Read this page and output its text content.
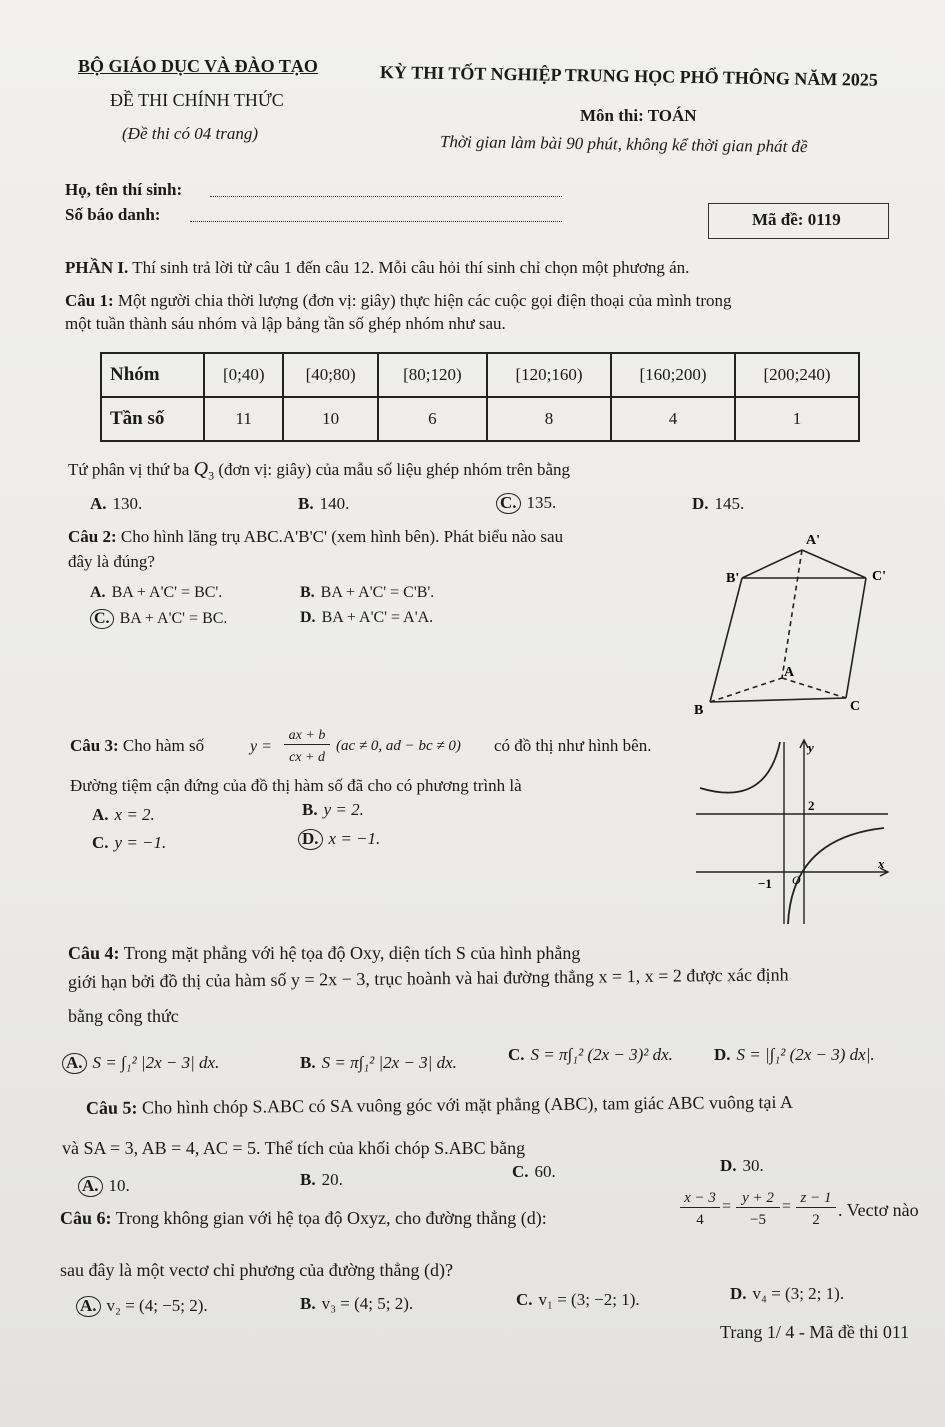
BỘ GIÁO DỤC VÀ ĐÀO TẠO
ĐỀ THI CHÍNH THỨC
(Đề thi có 04 trang)
KỲ THI TỐT NGHIỆP TRUNG HỌC PHỔ THÔNG NĂM 2025
Môn thi: TOÁN
Thời gian làm bài 90 phút, không kể thời gian phát đề
Họ, tên thí sinh:
Số báo danh:	Mã đề: 0119
PHẦN I. Thí sinh trả lời từ câu 1 đến câu 12. Mỗi câu hỏi thí sinh chỉ chọn một phương án.
Câu 1: Một người chia thời lượng (đơn vị: giây) thực hiện các cuộc gọi điện thoại của mình trong
một tuần thành sáu nhóm và lập bảng tần số ghép nhóm như sau.
Nhóm	[0;40)	[40;80)	[80;120)	[120;160)	[160;200)	[200;240)
Tần số	11	10	6	8	4	1
Tứ phân vị thứ ba $Q_3$ (đơn vị: giây) của mẫu số liệu ghép nhóm trên bằng
A. 130.	B. 140.	C. 135.	D. 145.
Câu 2: Cho hình lăng trụ ABC.A'B'C' (xem hình bên). Phát biểu nào sau
đây là đúng?
A. BA + A'C' = BC'.	B. BA + A'C' = C'B'.
C. BA + A'C' = BC.	D. BA + A'C' = A'A.
A'
B'	C'
A
B	C
Câu 3: Cho hàm số	y =
ax + b
cx + d
(ac ≠ 0, ad − bc ≠ 0) có đồ thị như hình bên.
Đường tiệm cận đứng của đồ thị hàm số đã cho có phương trình là
A. x = 2.	B. y = 2.
C. y = −1.	D. x = −1.
y
x
2
−1 O
Câu 4: Trong mặt phẳng với hệ tọa độ Oxy, diện tích S của hình phẳng
giới hạn bởi đồ thị của hàm số y = 2x − 3, trục hoành và hai đường thẳng x = 1, x = 2 được xác định
bằng công thức
A. S = ∫₁² |2x − 3| dx.	B. S = π∫₁² |2x − 3| dx.	C. S = π∫₁² (2x − 3)² dx. D. S = |∫₁² (2x − 3) dx|.
Câu 5: Cho hình chóp S.ABC có SA vuông góc với mặt phẳng (ABC), tam giác ABC vuông tại A
và SA = 3, AB = 4, AC = 5. Thể tích của khối chóp S.ABC bằng
A. 10.	B. 20.	C. 60.	D. 30.
Câu 6: Trong không gian với hệ tọa độ Oxyz, cho đường thẳng (d):
x − 3
4
= y + 2
−5
= z − 1
2	. Vectơ nào
sau đây là một vectơ chỉ phương của đường thẳng (d)?
A. v₂ = (4; −5; 2).	B. v₃ = (4; 5; 2).	C. v₁ = (3; −2; 1).	D. v₄ = (3; 2; 1).
Trang 1/ 4 - Mã đề thi 011
